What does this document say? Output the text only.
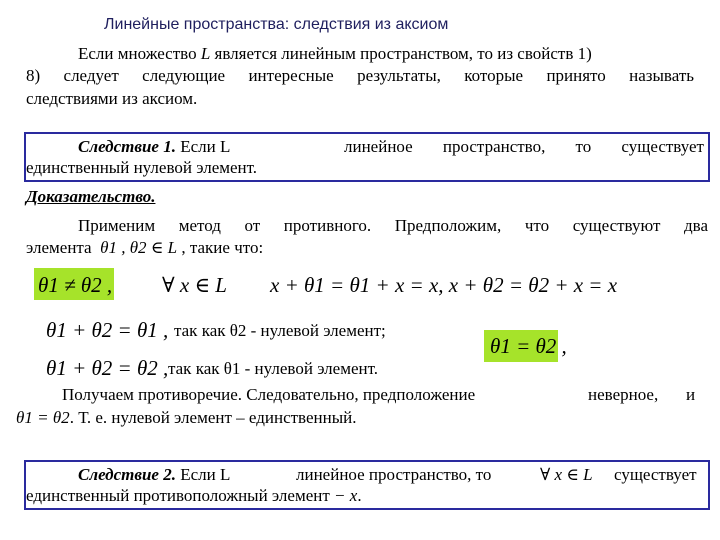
Линейные пространства: следствия из аксиом
Если множество L является линейным пространством, то из свойств 1)
8) следует следующие интересные результаты, которые принято называть
следствиями из аксиом.
Следствие 1. Если L	линейное пространство, то существует
единственный нулевой элемент.
Доказательство.
Применим метод от противного. Предположим, что существуют два
элемента θ1 , θ2 ∈ L , такие что:
θ1 ≠ θ2 , ∀ x ∈ L x + θ1 = θ1 + x = x, x + θ2 = θ2 + x = x
θ1 + θ2 = θ1 , так как θ2 - нулевой элемент;
θ1 + θ2 = θ2 , так как θ1 - нулевой элемент.
θ1 = θ2 ,
Получаем противоречие. Следовательно, предположение	неверное, и
θ1 = θ2. Т. е. нулевой элемент – единственный.
Следствие 2. Если L	линейное пространство, то	∀ x ∈ L существует
единственный противоположный элемент − x.
